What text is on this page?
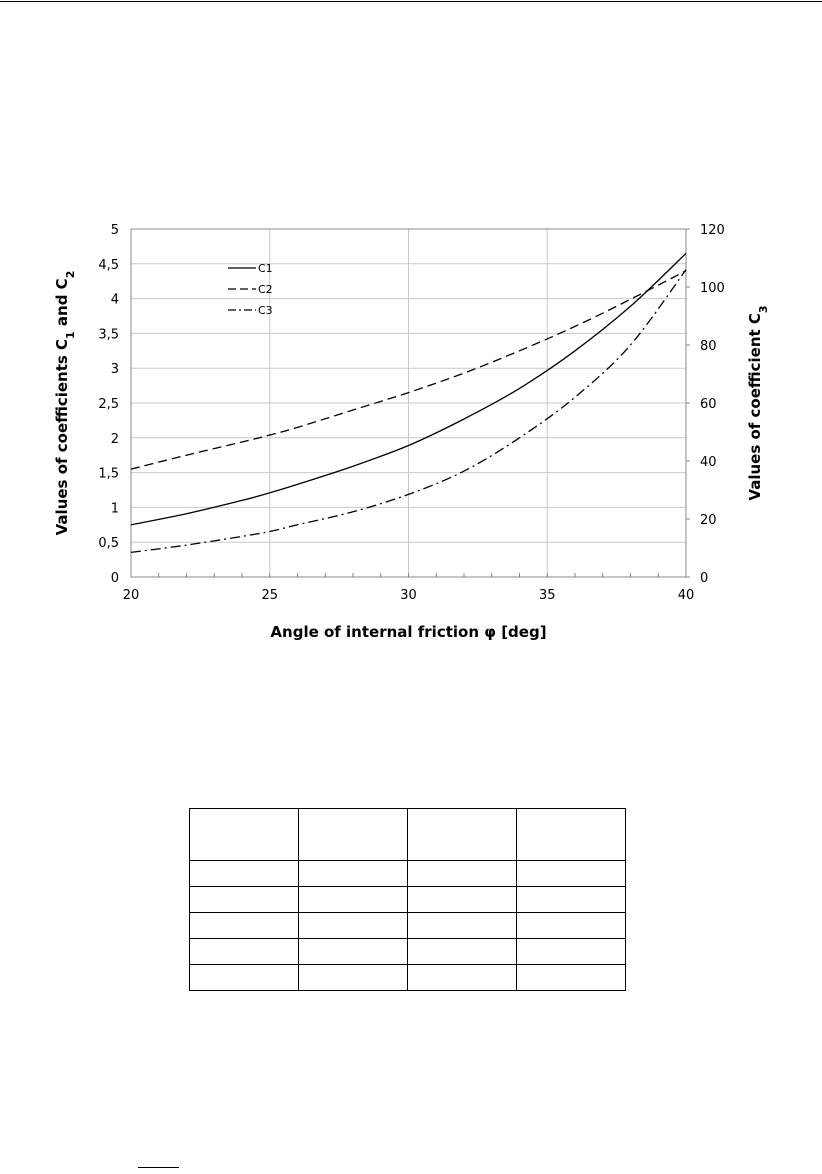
20	25	30	35	40
0
0,5
1
1,5
2
2,5
3
3,5
4
4,5
5
0
20
40
60
80
100
120
C1
C2
C3
Angle of internal friction φ [deg]
Values of coefficients $C_1$ and $C_2$
Values of coefficient $C_3$
